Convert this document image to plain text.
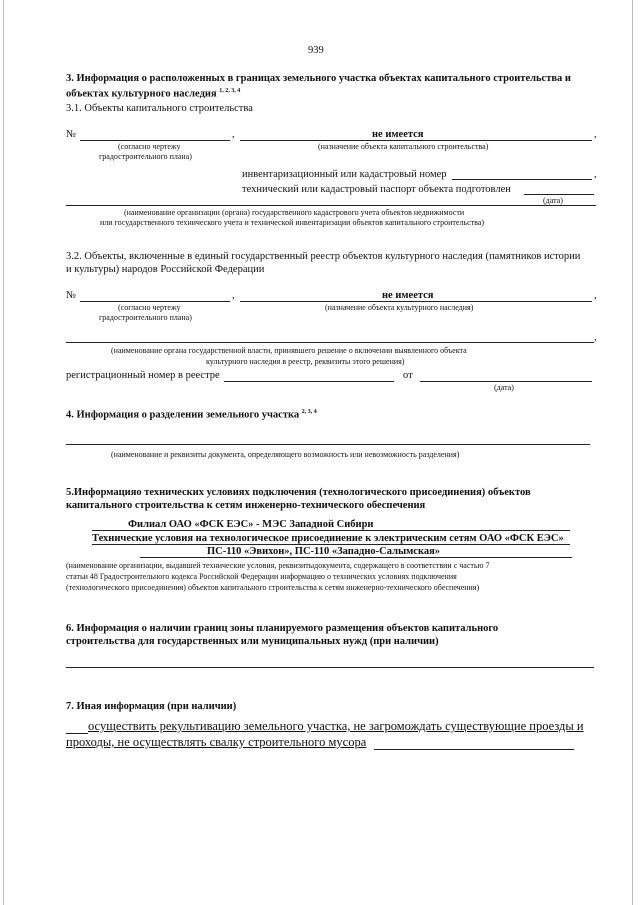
939
3. Информация о расположенных в границах земельного участка объектах капитального строительства и
объектах культурного наследия $^{1, 2, 3, 4}$
3.1. Объекты капитального строительства
№	,	не имеется	,
(согласно чертежу
градостроительного плана)
(назначение объекта капитального строительства)
инвентаризационный или кадастровый номер	,
технический или кадастровый паспорт объекта подготовлен
(дата)
(наименование организации (органа) государственного кадастрового учета объектов недвижимости
или государственного технического учета и технической инвентаризации объектов капитального строительства)
3.2. Объекты, включенные в единый государственный реестр объектов культурного наследия (памятников истории
и культуры) народов Российской Федерации
№	,	не имеется	,
(согласно чертежу
градостроительного плана)
(назначение объекта культурного наследия)
,
(наименование органа государственной власти, принявшего решение о включении выявленного объекта
культурного наследия в реестр, реквизиты этого решения)
регистрационный номер в реестре	от
(дата)
4. Информация о разделении земельного участка $^{2, 3, 4}$
(наименование и реквизиты документа, определяющего возможность или невозможность разделения)
5.Информацияо технических условиях подключения (технологического присоединения) объектов
капитального строительства к сетям инженерно-технического обеспечения
Филиал ОАО «ФСК ЕЭС» - МЭС Западной Сибири
Технические условия на технологическое присоединение к электрическим сетям ОАО «ФСК ЕЭС»
ПС-110 «Эвихон», ПС-110 «Западно-Салымская»
(наименование организации, выдавшей технические условия, реквизитыдокумента, содержащего в соответствии с частью 7
статьи 48 Градостроительного кодекса Российской Федерации информацию о технических условиях подключения
(технологического присоединения) объектов капитального строительства к сетям инженерно-технического обеспечения)
6. Информация о наличии границ зоны планируемого размещения объектов капитального
строительства для государственных или муниципальных нужд (при наличии)
7. Иная информация (при наличии)
осуществить рекультивацию земельного участка, не загромождать существующие проезды и
проходы, не осуществлять свалку строительного мусора
